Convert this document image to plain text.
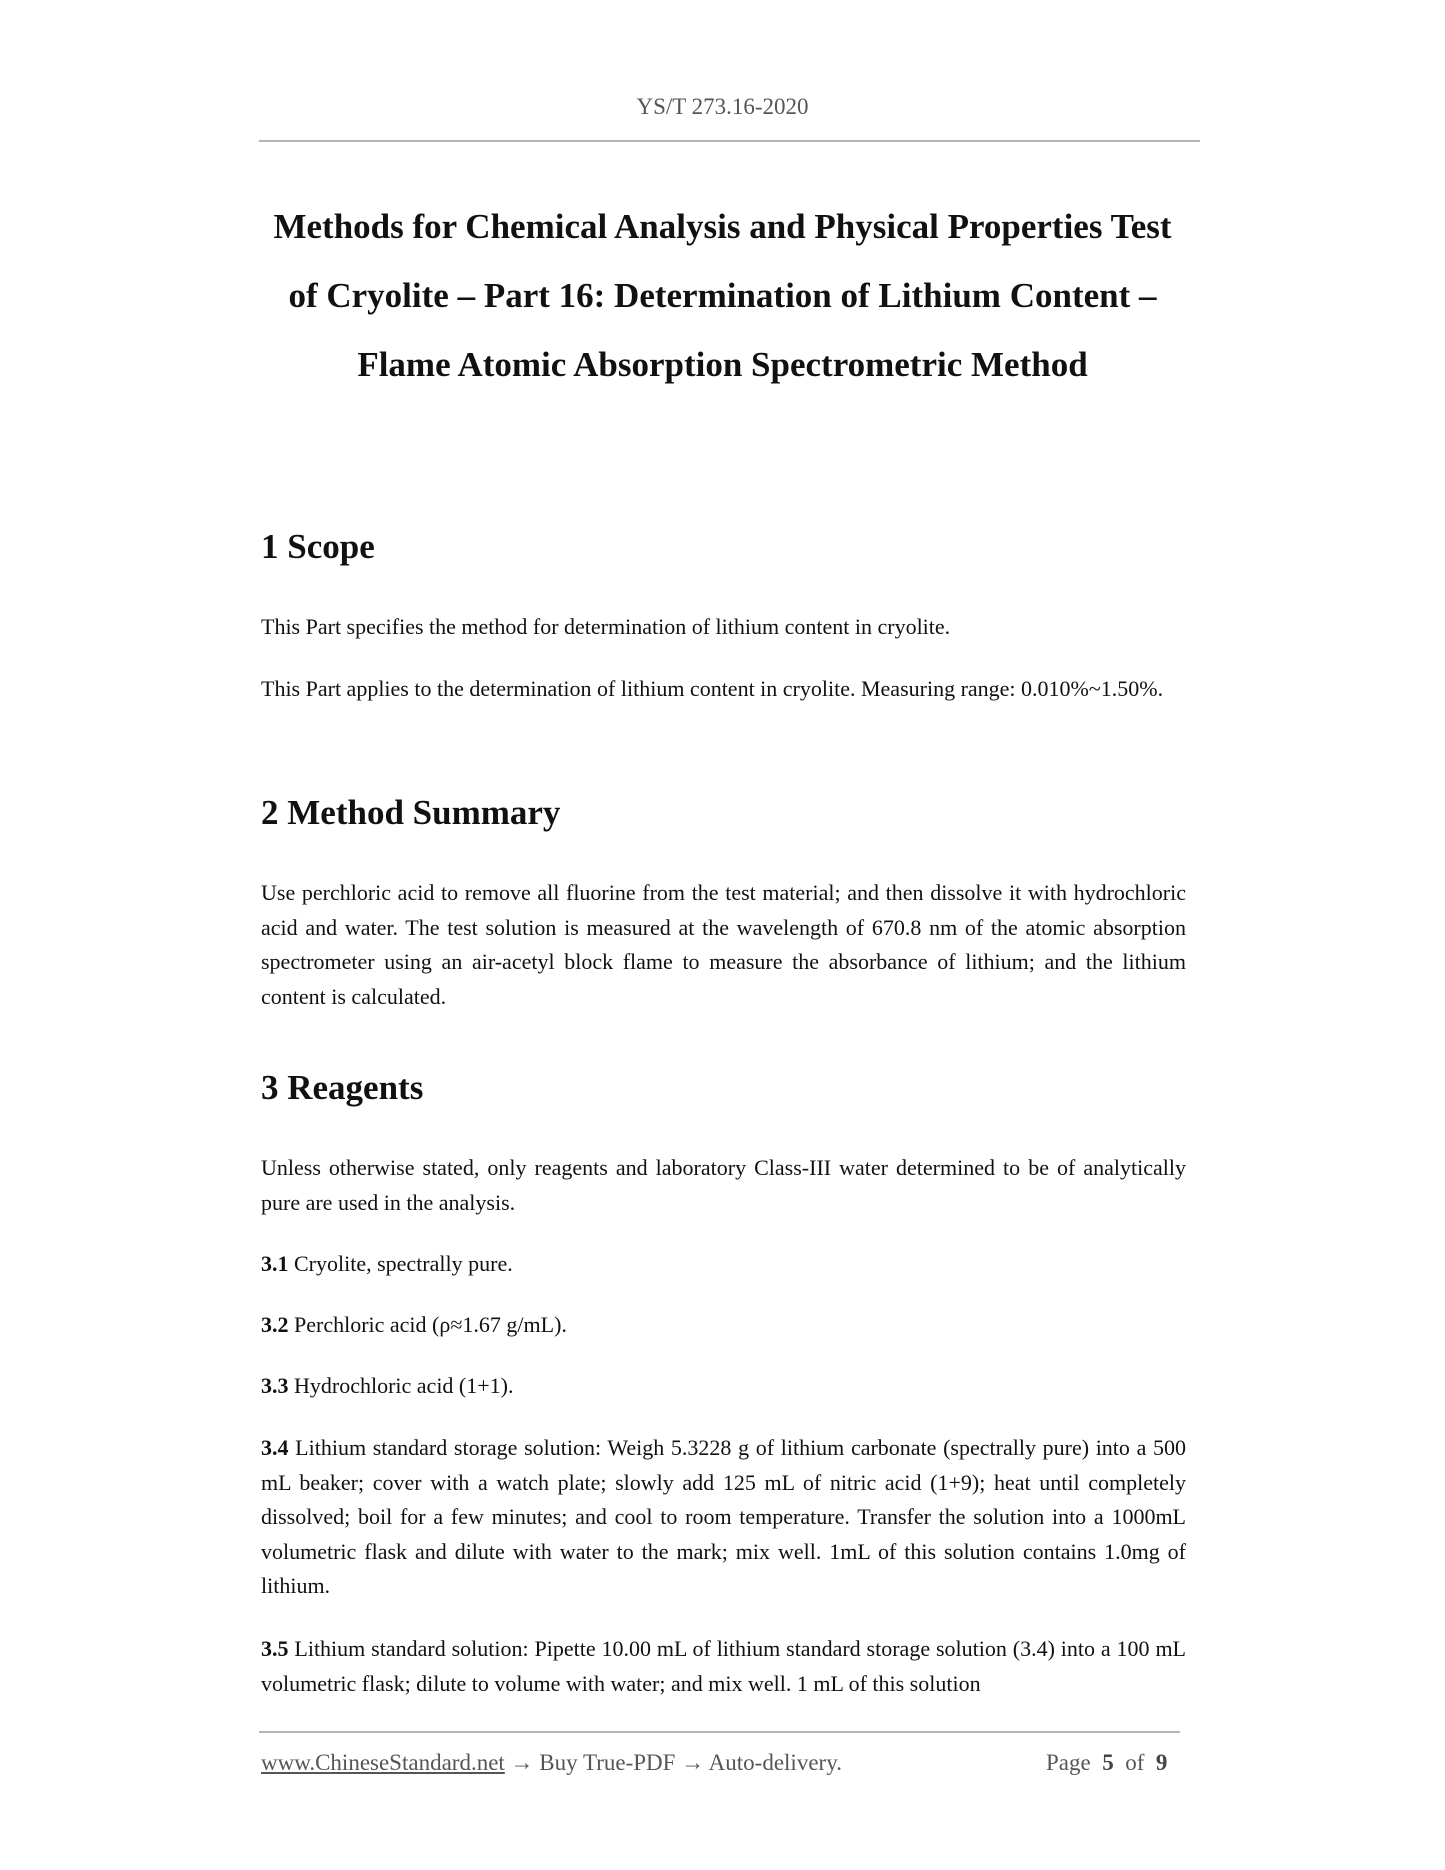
YS/T 273.16-2020
Methods for Chemical Analysis and Physical Properties Test
of Cryolite – Part 16: Determination of Lithium Content –
Flame Atomic Absorption Spectrometric Method
1 Scope
This Part specifies the method for determination of lithium content in cryolite.
This Part applies to the determination of lithium content in cryolite. Measuring range: 0.010%~1.50%.
2 Method Summary
Use perchloric acid to remove all fluorine from the test material; and then dissolve it with hydrochloric acid and water. The test solution is measured at the wavelength of 670.8 nm of the atomic absorption spectrometer using an air-acetyl block flame to measure the absorbance of lithium; and the lithium content is calculated.
3 Reagents
Unless otherwise stated, only reagents and laboratory Class-III water determined to be of analytically pure are used in the analysis.
3.1 Cryolite, spectrally pure.
3.2 Perchloric acid (ρ≈1.67 g/mL).
3.3 Hydrochloric acid (1+1).
3.4 Lithium standard storage solution: Weigh 5.3228 g of lithium carbonate (spectrally pure) into a 500 mL beaker; cover with a watch plate; slowly add 125 mL of nitric acid (1+9); heat until completely dissolved; boil for a few minutes; and cool to room temperature. Transfer the solution into a 1000mL volumetric flask and dilute with water to the mark; mix well. 1mL of this solution contains 1.0mg of lithium.
3.5 Lithium standard solution: Pipette 10.00 mL of lithium standard storage solution (3.4) into a 100 mL volumetric flask; dilute to volume with water; and mix well. 1 mL of this solution
www.ChineseStandard.net → Buy True-PDF → Auto-delivery.	Page 5 of 9
